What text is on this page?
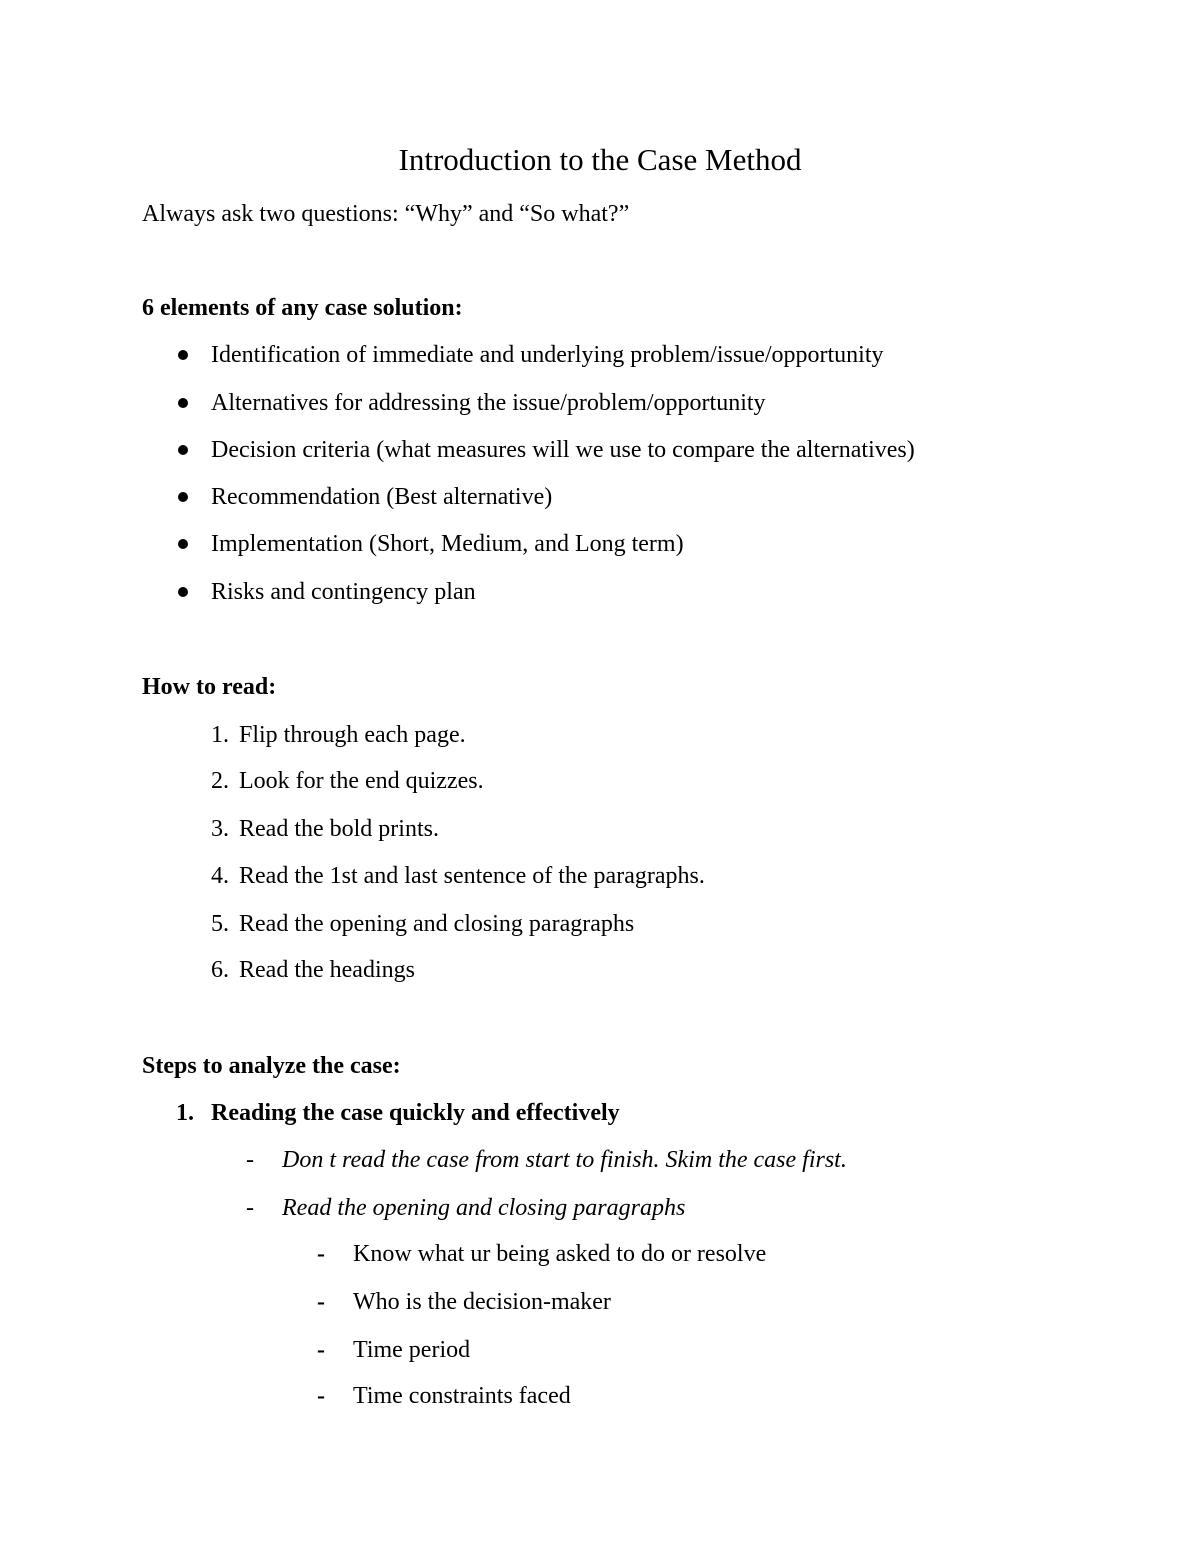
Introduction to the Case Method
Always ask two questions: “Why” and “So what?”
6 elements of any case solution:
Identification of immediate and underlying problem/issue/opportunity
Alternatives for addressing the issue/problem/opportunity
Decision criteria (what measures will we use to compare the alternatives)
Recommendation (Best alternative)
Implementation (Short, Medium, and Long term)
Risks and contingency plan
How to read:
1. Flip through each page.
2. Look for the end quizzes.
3. Read the bold prints.
4. Read the 1st and last sentence of the paragraphs.
5. Read the opening and closing paragraphs
6. Read the headings
Steps to analyze the case:
1. Reading the case quickly and effectively
- Don t read the case from start to finish. Skim the case first.
- Read the opening and closing paragraphs
- Know what ur being asked to do or resolve
- Who is the decision-maker
- Time period
- Time constraints faced
